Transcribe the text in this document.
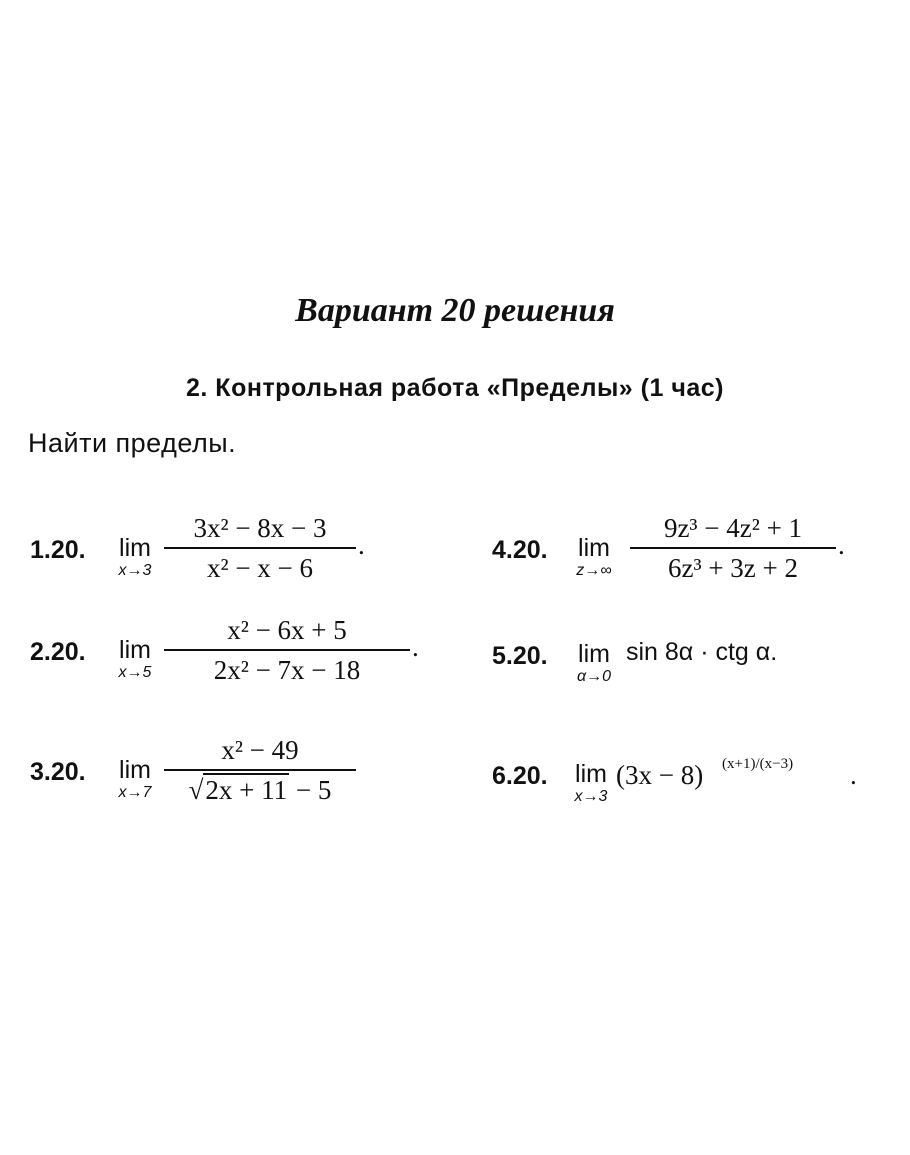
Вариант 20 решения
2. Контрольная работа «Пределы» (1 час)
Найти пределы.
1.20.	lim
x→3
3x² − 8x − 3
x² − x − 6
.
2.20.	lim
x→5
x² − 6x + 5
2x² − 7x − 18
.
3.20.	lim
x→7
x² − 49
√2x + 11 − 5
4.20.	lim
z→∞
9z³ − 4z² + 1
6z³ + 3z + 2
.
5.20.	lim
α→0
sin 8α · ctg α.
6.20.	lim
x→3
(3x − 8) (x+1)/(x−3) .
